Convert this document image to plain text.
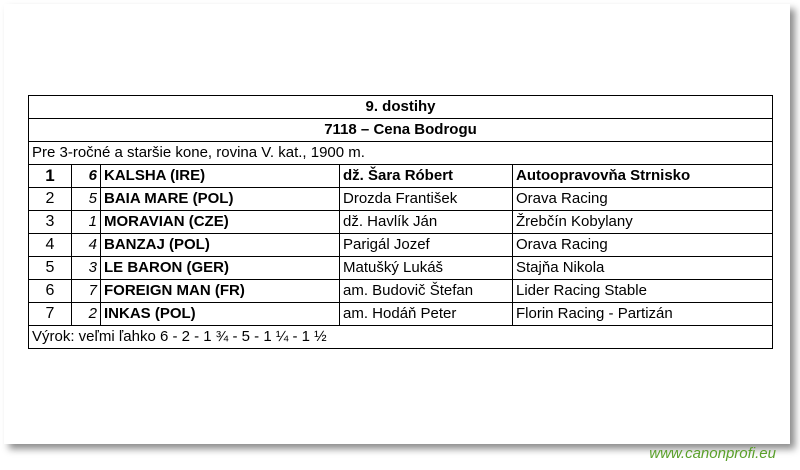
9. dostihy				
7118 – Cena Bodrogu				
Pre 3-ročné a staršie kone, rovina V. kat., 1900 m.				
1	6	KALSHA (IRE)	dž. Šara Róbert	Autoopravovňa Strnisko
2	5	BAIA MARE (POL)	Drozda František	Orava Racing
3	1	MORAVIAN (CZE)	dž. Havlík Ján	Žrebčín Kobylany
4	4	BANZAJ (POL)	Parigál Jozef	Orava Racing
5	3	LE BARON (GER)	Matušký Lukáš	Stajňa Nikola
6	7	FOREIGN MAN (FR)	am. Budovič Štefan	Lider Racing Stable
7	2	INKAS (POL)	am. Hodáň Peter	Florin Racing - Partizán
Výrok: veľmi ľahko 6 - 2 - 1 ¾ - 5 - 1 ¼ - 1 ½				
www.canonprofi.eu
